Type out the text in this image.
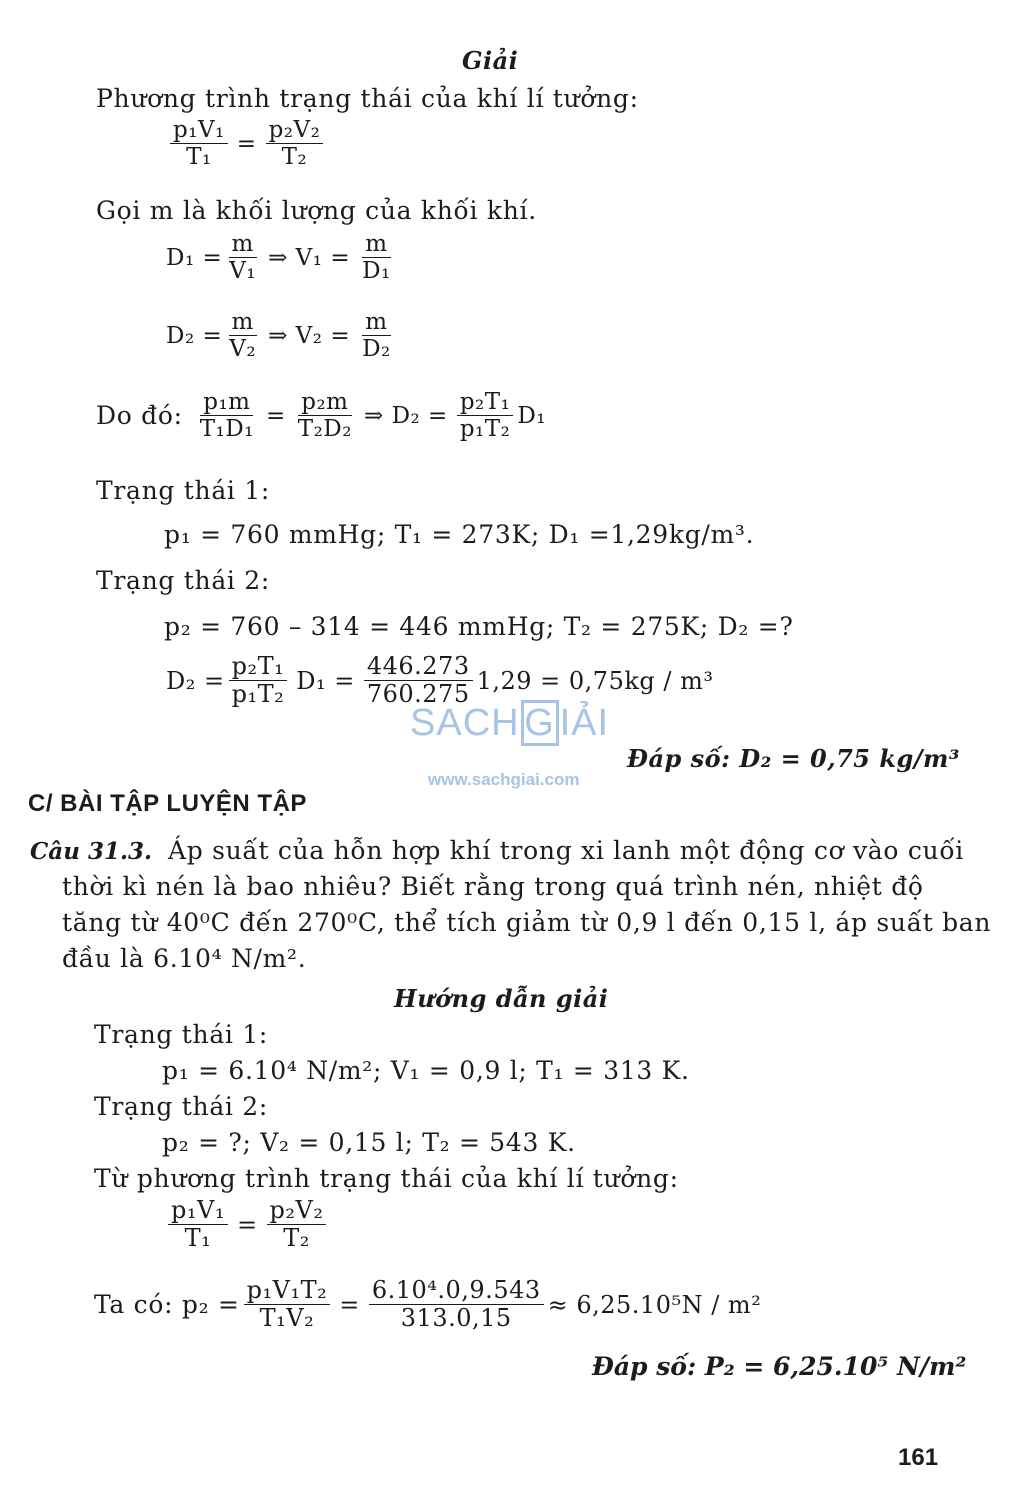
Giải
Phương trình trạng thái của khí lí tưởng:
$\frac{\text{p₁V₁}}{\text{T₁}} = \frac{\text{p₂V₂}}{\text{T₂}}$
Gọi m là khối lượng của khối khí.
$D_1 = \frac{m}{\text{V₁}}$ ⇒ $V_1 = \frac{m}{\text{D₁}}$
$D_2 = \frac{m}{\text{V₂}}$ ⇒ $V_2 = \frac{m}{\text{D₂}}$
Do đó: $\frac{\text{p₁m}}{\text{T₁D₁}} = \frac{\text{p₂m}}{\text{T₂D₂}}$ ⇒ $D_2 = \frac{\text{p₂T₁}}{\text{p₁T₂}} D_1$
Trạng thái 1:
p₁ = 760 mmHg; T₁ = 273K; D₁ =1,29kg/m³.
Trạng thái 2:
p₂ = 760 – 314 = 446 mmHg; T₂ = 275K; D₂ =?
$D_2 = \frac{\text{p₂T₁}}{\text{p₁T₂}} D_1 = \frac{446.273}{760.275} 1,29 = 0,75kg / m^3$
SACH G IẢI
www.sachgiai.com
Đáp số: D₂ = 0,75 kg/m³
C/ BÀI TẬP LUYỆN TẬP
Câu 31.3. Áp suất của hỗn hợp khí trong xi lanh một động cơ vào cuối
thời kì nén là bao nhiêu? Biết rằng trong quá trình nén, nhiệt độ
tăng từ 40⁰C đến 270⁰C, thể tích giảm từ 0,9 l đến 0,15 l, áp suất ban
đầu là 6.10⁴ N/m².
Hướng dẫn giải
Trạng thái 1:
p₁ = 6.10⁴ N/m²; V₁ = 0,9 l; T₁ = 313 K.
Trạng thái 2:
p₂ = ?; V₂ = 0,15 l; T₂ = 543 K.
Từ phương trình trạng thái của khí lí tưởng:
$\frac{\text{p₁V₁}}{\text{T₁}} = \frac{\text{p₂V₂}}{\text{T₂}}$
Ta có: $p_2 = \frac{\text{p₁V₁T₂}}{\text{T₁V₂}} = \frac{\text{6.10⁴.0,9.543}}{313.0,15} \approx 6,25.10^5N / m^2$
Đáp số: P₂ = 6,25.10⁵ N/m²
161
